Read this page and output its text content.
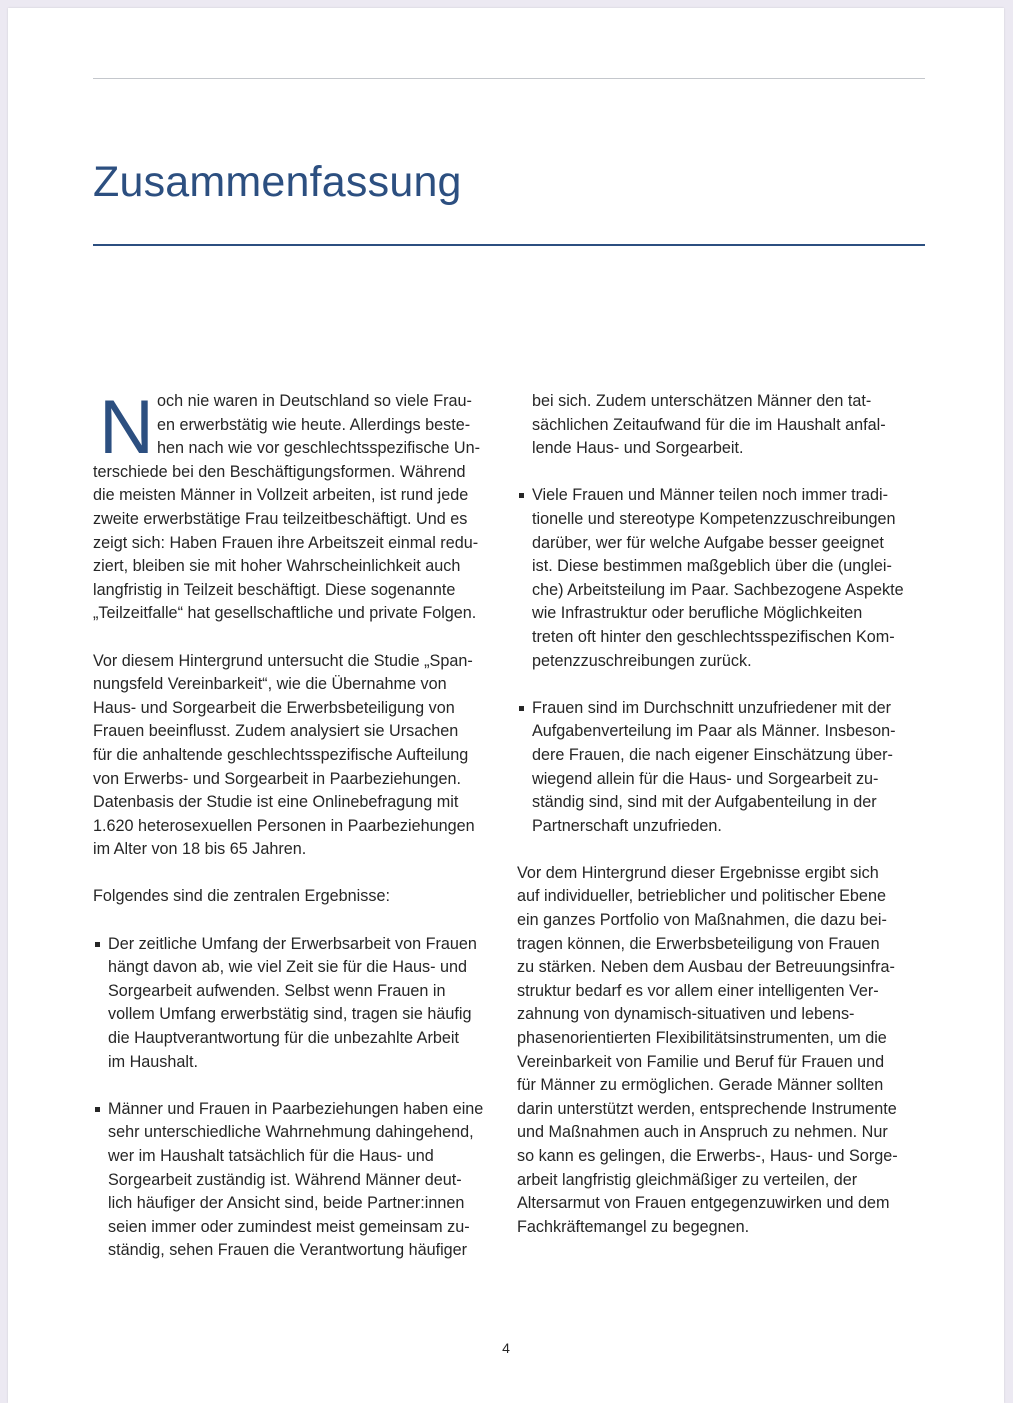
Zusammenfassung
N och nie waren in Deutschland so viele Frau-
en erwerbstätig wie heute. Allerdings beste-
hen nach wie vor geschlechtsspezifische Un-
terschiede bei den Beschäftigungsformen. Während
die meisten Männer in Vollzeit arbeiten, ist rund jede
zweite erwerbstätige Frau teilzeitbeschäftigt. Und es
zeigt sich: Haben Frauen ihre Arbeitszeit einmal redu-
ziert, bleiben sie mit hoher Wahrscheinlichkeit auch
langfristig in Teilzeit beschäftigt. Diese sogenannte
„Teilzeitfalle“ hat gesellschaftliche und private Folgen.

Vor diesem Hintergrund untersucht die Studie „Span-
nungsfeld Vereinbarkeit“, wie die Übernahme von
Haus- und Sorgearbeit die Erwerbsbeteiligung von
Frauen beeinflusst. Zudem analysiert sie Ursachen
für die anhaltende geschlechtsspezifische Aufteilung
von Erwerbs- und Sorgearbeit in Paarbeziehungen.
Datenbasis der Studie ist eine Onlinebefragung mit
1.620 heterosexuellen Personen in Paarbeziehungen
im Alter von 18 bis 65 Jahren.

Folgendes sind die zentralen Ergebnisse:

Der zeitliche Umfang der Erwerbsarbeit von Frauen
hängt davon ab, wie viel Zeit sie für die Haus- und
Sorgearbeit aufwenden. Selbst wenn Frauen in
vollem Umfang erwerbstätig sind, tragen sie häufig
die Hauptverantwortung für die unbezahlte Arbeit
im Haushalt.
Männer und Frauen in Paarbeziehungen haben eine
sehr unterschiedliche Wahrnehmung dahingehend,
wer im Haushalt tatsächlich für die Haus- und
Sorgearbeit zuständig ist. Während Männer deut-
lich häufiger der Ansicht sind, beide Partner:innen
seien immer oder zumindest meist gemeinsam zu-
ständig, sehen Frauen die Verantwortung häufiger
bei sich. Zudem unterschätzen Männer den tat-
sächlichen Zeitaufwand für die im Haushalt anfal-
lende Haus- und Sorgearbeit.
Viele Frauen und Männer teilen noch immer tradi-
tionelle und stereotype Kompetenzzuschreibungen
darüber, wer für welche Aufgabe besser geeignet
ist. Diese bestimmen maßgeblich über die (unglei-
che) Arbeitsteilung im Paar. Sachbezogene Aspekte
wie Infrastruktur oder berufliche Möglichkeiten
treten oft hinter den geschlechtsspezifischen Kom-
petenzzuschreibungen zurück.
Frauen sind im Durchschnitt unzufriedener mit der
Aufgabenverteilung im Paar als Männer. Insbeson-
dere Frauen, die nach eigener Einschätzung über-
wiegend allein für die Haus- und Sorgearbeit zu-
ständig sind, sind mit der Aufgabenteilung in der
Partnerschaft unzufrieden.

Vor dem Hintergrund dieser Ergebnisse ergibt sich
auf individueller, betrieblicher und politischer Ebene
ein ganzes Portfolio von Maßnahmen, die dazu bei-
tragen können, die Erwerbsbeteiligung von Frauen
zu stärken. Neben dem Ausbau der Betreuungsinfra-
struktur bedarf es vor allem einer intelligenten Ver-
zahnung von dynamisch-situativen und lebens-
phasenorientierten Flexibilitätsinstrumenten, um die
Vereinbarkeit von Familie und Beruf für Frauen und
für Männer zu ermöglichen. Gerade Männer sollten
darin unterstützt werden, entsprechende Instrumente
und Maßnahmen auch in Anspruch zu nehmen. Nur
so kann es gelingen, die Erwerbs-, Haus- und Sorge-
arbeit langfristig gleichmäßiger zu verteilen, der
Altersarmut von Frauen entgegenzuwirken und dem
Fachkräftemangel zu begegnen.

4
